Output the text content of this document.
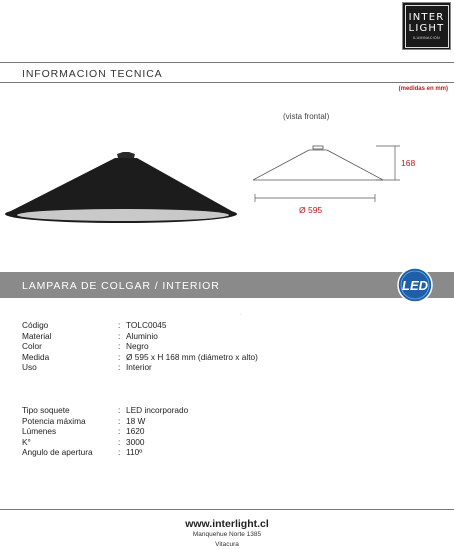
INTER
LIGHT
ILUMINACION
INFORMACION TECNICA
(medidas en mm)
(vista frontal)
168
Ø 595
LAMPARA DE COLGAR / INTERIOR	LED
`
Código	: TOLC0045
Material	: Aluminio
Color	: Negro
Medida	: Ø 595 x H 168 mm (diámetro x alto)
Uso	: Interior
Tipo soquete	: LED incorporado
Potencia máxima	: 18 W
Lúmenes	: 1620
K°	: 3000
Angulo de apertura	: 110º
www.interlight.cl
Manquehue Norte 1385
Vitacura
